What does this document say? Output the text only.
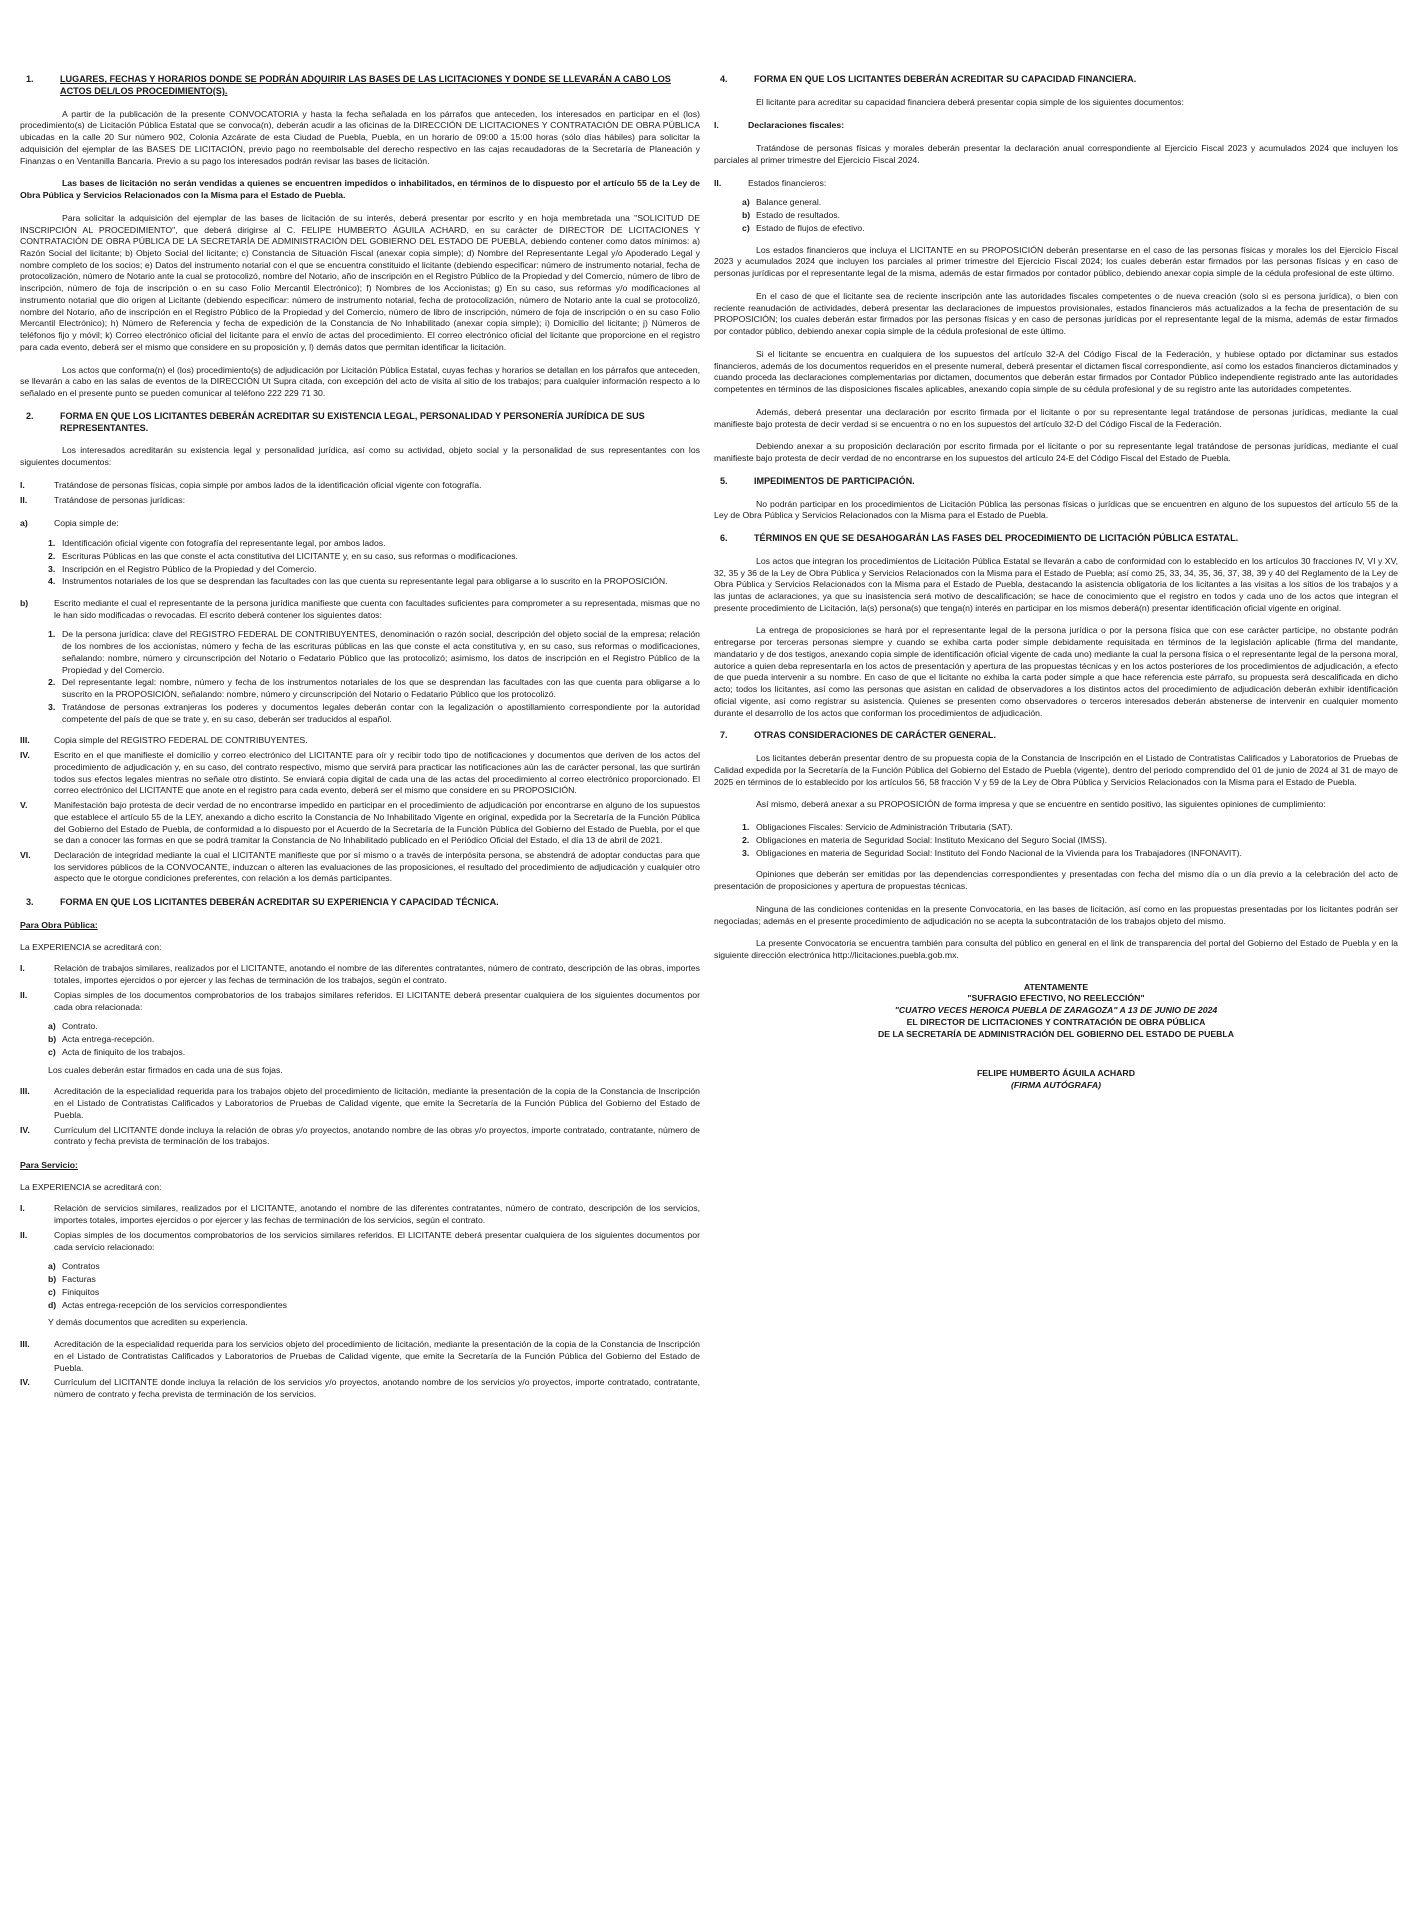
1.	LUGARES, FECHAS Y HORARIOS DONDE SE PODRÁN ADQUIRIR LAS BASES DE LAS LICITACIONES Y DONDE SE LLEVARÁN A CABO LOS ACTOS DEL/LOS PROCEDIMIENTO(S).

A partir de la publicación de la presente CONVOCATORIA y hasta la fecha señalada en los párrafos que anteceden, los interesados en participar en el (los) procedimiento(s) de Licitación Pública Estatal que se convoca(n), deberán acudir a las oficinas de la DIRECCIÓN DE LICITACIONES Y CONTRATACIÓN DE OBRA PÚBLICA ubicadas en la calle 20 Sur número 902, Colonia Azcárate de esta Ciudad de Puebla, Puebla, en un horario de 09:00 a 15:00 horas (sólo días hábiles) para solicitar la adquisición del ejemplar de las BASES DE LICITACIÓN, previo pago no reembolsable del derecho respectivo en las cajas recaudadoras de la Secretaría de Planeación y Finanzas o en Ventanilla Bancaria. Previo a su pago los interesados podrán revisar las bases de licitación.

Las bases de licitación no serán vendidas a quienes se encuentren impedidos o inhabilitados, en términos de lo dispuesto por el artículo 55 de la Ley de Obra Pública y Servicios Relacionados con la Misma para el Estado de Puebla.

Para solicitar la adquisición del ejemplar de las bases de licitación de su interés, deberá presentar por escrito y en hoja membretada una "SOLICITUD DE INSCRIPCIÓN AL PROCEDIMIENTO", que deberá dirigirse al C. FELIPE HUMBERTO ÁGUILA ACHARD, en su carácter de DIRECTOR DE LICITACIONES Y CONTRATACIÓN DE OBRA PÚBLICA DE LA SECRETARÍA DE ADMINISTRACIÓN DEL GOBIERNO DEL ESTADO DE PUEBLA, debiendo contener como datos mínimos: a) Razón Social del licitante; b) Objeto Social del licitante; c) Constancia de Situación Fiscal (anexar copia simple); d) Nombre del Representante Legal y/o Apoderado Legal y nombre completo de los socios; e) Datos del instrumento notarial con el que se encuentra constituido el licitante (debiendo especificar: número de instrumento notarial, fecha de protocolización, número de Notario ante la cual se protocolizó, nombre del Notario, año de inscripción en el Registro Público de la Propiedad y del Comercio, número de libro de inscripción, número de foja de inscripción o en su caso Folio Mercantil Electrónico); f) Nombres de los Accionistas; g) En su caso, sus reformas y/o modificaciones al instrumento notarial que dio origen al Licitante (debiendo especificar: número de instrumento notarial, fecha de protocolización, número de Notario ante la cual se protocolizó, nombre del Notario, año de inscripción en el Registro Público de la Propiedad y del Comercio, número de libro de inscripción, número de foja de inscripción o en su caso Folio Mercantil Electrónico); h) Número de Referencia y fecha de expedición de la Constancia de No Inhabilitado (anexar copia simple); i) Domicilio del licitante; j) Números de teléfonos fijo y móvil; k) Correo electrónico oficial del licitante para el envío de actas del procedimiento. El correo electrónico oficial del licitante que proporcione en el registro para cada evento, deberá ser el mismo que considere en su proposición y, l) demás datos que permitan identificar la licitación.

Los actos que conforma(n) el (los) procedimiento(s) de adjudicación por Licitación Pública Estatal, cuyas fechas y horarios se detallan en los párrafos que anteceden, se llevarán a cabo en las salas de eventos de la DIRECCIÓN Ut Supra citada, con excepción del acto de visita al sitio de los trabajos; para cualquier información respecto a lo señalado en el presente punto se pueden comunicar al teléfono 222 229 71 30.

2.	FORMA EN QUE LOS LICITANTES DEBERÁN ACREDITAR SU EXISTENCIA LEGAL, PERSONALIDAD Y PERSONERÍA JURÍDICA DE SUS REPRESENTANTES.

Los interesados acreditarán su existencia legal y personalidad jurídica, así como su actividad, objeto social y la personalidad de sus representantes con los siguientes documentos:

I.	Tratándose de personas físicas, copia simple por ambos lados de la identificación oficial vigente con fotografía.
II.	Tratándose de personas jurídicas:
a)	Copia simple de:
1. Identificación oficial vigente con fotografía del representante legal, por ambos lados.
2. Escrituras Públicas en las que conste el acta constitutiva del LICITANTE y, en su caso, sus reformas o modificaciones.
3. Inscripción en el Registro Público de la Propiedad y del Comercio.
4. Instrumentos notariales de los que se desprendan las facultades con las que cuenta su representante legal para obligarse a lo suscrito en la PROPOSICIÓN.
b)	Escrito mediante el cual el representante de la persona jurídica manifieste que cuenta con facultades suficientes para comprometer a su representada, mismas que no le han sido modificadas o revocadas. El escrito deberá contener los siguientes datos:
1. De la persona jurídica: clave del REGISTRO FEDERAL DE CONTRIBUYENTES, denominación o razón social, descripción del objeto social de la empresa; relación de los nombres de los accionistas, número y fecha de las escrituras públicas en las que conste el acta constitutiva y, en su caso, sus reformas o modificaciones, señalando: nombre, número y circunscripción del Notario o Fedatario Público que las protocolizó; asimismo, los datos de inscripción en el Registro Público de la Propiedad y del Comercio.
2. Del representante legal: nombre, número y fecha de los instrumentos notariales de los que se desprendan las facultades con las que cuenta para obligarse a lo suscrito en la PROPOSICIÓN, señalando: nombre, número y circunscripción del Notario o Fedatario Público que los protocolizó.
3. Tratándose de personas extranjeras los poderes y documentos legales deberán contar con la legalización o apostillamiento correspondiente por la autoridad competente del país de que se trate y, en su caso, deberán ser traducidos al español.
III.	Copia simple del REGISTRO FEDERAL DE CONTRIBUYENTES.
IV.	Escrito en el que manifieste el domicilio y correo electrónico del LICITANTE para oír y recibir todo tipo de notificaciones y documentos que deriven de los actos del procedimiento de adjudicación y, en su caso, del contrato respectivo, mismo que servirá para practicar las notificaciones aún las de carácter personal, las que surtirán todos sus efectos legales mientras no señale otro distinto. Se enviará copia digital de cada una de las actas del procedimiento al correo electrónico proporcionado. El correo electrónico del LICITANTE que anote en el registro para cada evento, deberá ser el mismo que considere en su PROPOSICIÓN.
V.	Manifestación bajo protesta de decir verdad de no encontrarse impedido en participar en el procedimiento de adjudicación por encontrarse en alguno de los supuestos que establece el artículo 55 de la LEY, anexando a dicho escrito la Constancia de No Inhabilitado Vigente en original, expedida por la Secretaría de la Función Pública del Gobierno del Estado de Puebla, de conformidad a lo dispuesto por el Acuerdo de la Secretaría de la Función Pública del Gobierno del Estado de Puebla, por el que se dan a conocer las formas en que se podrá tramitar la Constancia de No Inhabilitado publicado en el Periódico Oficial del Estado, el día 13 de abril de 2021.
VI.	Declaración de integridad mediante la cual el LICITANTE manifieste que por sí mismo o a través de interpósita persona, se abstendrá de adoptar conductas para que los servidores públicos de la CONVOCANTE, induzcan o alteren las evaluaciones de las proposiciones, el resultado del procedimiento de adjudicación y cualquier otro aspecto que le otorgue condiciones preferentes, con relación a los demás participantes.
3.	FORMA EN QUE LOS LICITANTES DEBERÁN ACREDITAR SU EXPERIENCIA Y CAPACIDAD TÉCNICA.

Para Obra Pública:

La EXPERIENCIA se acreditará con:

I.	Relación de trabajos similares, realizados por el LICITANTE, anotando el nombre de las diferentes contratantes, número de contrato, descripción de las obras, importes totales, importes ejercidos o por ejercer y las fechas de terminación de los trabajos, según el contrato.
II.	Copias simples de los documentos comprobatorios de los trabajos similares referidos. El LICITANTE deberá presentar cualquiera de los siguientes documentos por cada obra relacionada:
a) Contrato.
b) Acta entrega-recepción.
c) Acta de finiquito de los trabajos.

Los cuales deberán estar firmados en cada una de sus fojas.

III.	Acreditación de la especialidad requerida para los trabajos objeto del procedimiento de licitación, mediante la presentación de la copia de la Constancia de Inscripción en el Listado de Contratistas Calificados y Laboratorios de Pruebas de Calidad vigente, que emite la Secretaría de la Función Pública del Gobierno del Estado de Puebla.
IV.	Currículum del LICITANTE donde incluya la relación de obras y/o proyectos, anotando nombre de las obras y/o proyectos, importe contratado, contratante, número de contrato y fecha prevista de terminación de los trabajos.

Para Servicio:

La EXPERIENCIA se acreditará con:

I.	Relación de servicios similares, realizados por el LICITANTE, anotando el nombre de las diferentes contratantes, número de contrato, descripción de los servicios, importes totales, importes ejercidos o por ejercer y las fechas de terminación de los servicios, según el contrato.
II.	Copias simples de los documentos comprobatorios de los servicios similares referidos. El LICITANTE deberá presentar cualquiera de los siguientes documentos por cada servicio relacionado:
a) Contratos
b) Facturas
c) Finiquitos
d) Actas entrega-recepción de los servicios correspondientes

Y demás documentos que acrediten su experiencia.

III.	Acreditación de la especialidad requerida para los servicios objeto del procedimiento de licitación, mediante la presentación de la copia de la Constancia de Inscripción en el Listado de Contratistas Calificados y Laboratorios de Pruebas de Calidad vigente, que emite la Secretaría de la Función Pública del Gobierno del Estado de Puebla.
IV.	Currículum del LICITANTE donde incluya la relación de los servicios y/o proyectos, anotando nombre de los servicios y/o proyectos, importe contratado, contratante, número de contrato y fecha prevista de terminación de los servicios.
4.	FORMA EN QUE LOS LICITANTES DEBERÁN ACREDITAR SU CAPACIDAD FINANCIERA.

El licitante para acreditar su capacidad financiera deberá presentar copia simple de los siguientes documentos:

I.	Declaraciones fiscales:

Tratándose de personas físicas y morales deberán presentar la declaración anual correspondiente al Ejercicio Fiscal 2023 y acumulados 2024 que incluyen los parciales al primer trimestre del Ejercicio Fiscal 2024.

II.	Estados financieros:
a) Balance general.
b) Estado de resultados.
c) Estado de flujos de efectivo.

Los estados financieros que incluya el LICITANTE en su PROPOSICIÓN deberán presentarse en el caso de las personas físicas y morales los del Ejercicio Fiscal 2023 y acumulados 2024 que incluyen los parciales al primer trimestre del Ejercicio Fiscal 2024; los cuales deberán estar firmados por las personas físicas y en caso de personas jurídicas por el representante legal de la misma, además de estar firmados por contador público, debiendo anexar copia simple de la cédula profesional de este último.

En el caso de que el licitante sea de reciente inscripción ante las autoridades fiscales competentes o de nueva creación (solo si es persona jurídica), o bien con reciente reanudación de actividades, deberá presentar las declaraciones de impuestos provisionales, estados financieros más actualizados a la fecha de presentación de su PROPOSICIÓN; los cuales deberán estar firmados por las personas físicas y en caso de personas jurídicas por el representante legal de la misma, además de estar firmados por contador público, debiendo anexar copia simple de la cédula profesional de este último.

Si el licitante se encuentra en cualquiera de los supuestos del artículo 32-A del Código Fiscal de la Federación, y hubiese optado por dictaminar sus estados financieros, además de los documentos requeridos en el presente numeral, deberá presentar el dictamen fiscal correspondiente, así como los estados financieros dictaminados y cuando proceda las declaraciones complementarias por dictamen, documentos que deberán estar firmados por Contador Público independiente registrado ante las autoridades competentes en términos de las disposiciones fiscales aplicables, anexando copia simple de su cédula profesional y de su registro ante las autoridades competentes.

Además, deberá presentar una declaración por escrito firmada por el licitante o por su representante legal tratándose de personas jurídicas, mediante la cual manifieste bajo protesta de decir verdad si se encuentra o no en los supuestos del artículo 32-D del Código Fiscal de la Federación.

Debiendo anexar a su proposición declaración por escrito firmada por el licitante o por su representante legal tratándose de personas jurídicas, mediante el cual manifieste bajo protesta de decir verdad de no encontrarse en los supuestos del artículo 24-E del Código Fiscal del Estado de Puebla.

5.	IMPEDIMENTOS DE PARTICIPACIÓN.

No podrán participar en los procedimientos de Licitación Pública las personas físicas o jurídicas que se encuentren en alguno de los supuestos del artículo 55 de la Ley de Obra Pública y Servicios Relacionados con la Misma para el Estado de Puebla.

6.	TÉRMINOS EN QUE SE DESAHOGARÁN LAS FASES DEL PROCEDIMIENTO DE LICITACIÓN PÚBLICA ESTATAL.

Los actos que integran los procedimientos de Licitación Pública Estatal se llevarán a cabo de conformidad con lo establecido en los artículos 30 fracciones IV, VI y XV, 32, 35 y 36 de la Ley de Obra Pública y Servicios Relacionados con la Misma para el Estado de Puebla; así como 25, 33, 34, 35, 36, 37, 38, 39 y 40 del Reglamento de la Ley de Obra Pública y Servicios Relacionados con la Misma para el Estado de Puebla, destacando la asistencia obligatoria de los licitantes a las visitas a los sitios de los trabajos y a las juntas de aclaraciones, ya que su inasistencia será motivo de descalificación; se hace de conocimiento que el registro en todos y cada uno de los actos que integran el presente procedimiento de Licitación, la(s) persona(s) que tenga(n) interés en participar en los mismos deberá(n) presentar identificación oficial vigente en original.

La entrega de proposiciones se hará por el representante legal de la persona jurídica o por la persona física que con ese carácter participe, no obstante podrán entregarse por terceras personas siempre y cuando se exhiba carta poder simple debidamente requisitada en términos de la legislación aplicable (firma del mandante, mandatario y de dos testigos, anexando copia simple de identificación oficial vigente de cada uno) mediante la cual la persona física o el representante legal de la persona moral, autorice a quien deba representarla en los actos de presentación y apertura de las propuestas técnicas y en los actos posteriores de los procedimientos de adjudicación, a efecto de que pueda intervenir a su nombre. En caso de que el licitante no exhiba la carta poder simple a que hace referencia este párrafo, su propuesta será descalificada en dicho acto; todos los licitantes, así como las personas que asistan en calidad de observadores a los distintos actos del procedimiento de adjudicación deberán exhibir identificación oficial vigente, así como registrar su asistencia. Quienes se presenten como observadores o terceros interesados deberán abstenerse de intervenir en cualquier momento durante el desarrollo de los actos que conforman los procedimientos de adjudicación.

7.	OTRAS CONSIDERACIONES DE CARÁCTER GENERAL.

Los licitantes deberán presentar dentro de su propuesta copia de la Constancia de Inscripción en el Listado de Contratistas Calificados y Laboratorios de Pruebas de Calidad expedida por la Secretaría de la Función Pública del Gobierno del Estado de Puebla (vigente), dentro del periodo comprendido del 01 de junio de 2024 al 31 de mayo de 2025 en términos de lo establecido por los artículos 56, 58 fracción V y 59 de la Ley de Obra Pública y Servicios Relacionados con la Misma para el Estado de Puebla.

Así mismo, deberá anexar a su PROPOSICIÓN de forma impresa y que se encuentre en sentido positivo, las siguientes opiniones de cumplimiento:

1. Obligaciones Fiscales: Servicio de Administración Tributaria (SAT).
2. Obligaciones en materia de Seguridad Social: Instituto Mexicano del Seguro Social (IMSS).
3. Obligaciones en materia de Seguridad Social: Instituto del Fondo Nacional de la Vivienda para los Trabajadores (INFONAVIT).

Opiniones que deberán ser emitidas por las dependencias correspondientes y presentadas con fecha del mismo día o un día previo a la celebración del acto de presentación de proposiciones y apertura de propuestas técnicas.

Ninguna de las condiciones contenidas en la presente Convocatoria, en las bases de licitación, así como en las propuestas presentadas por los licitantes podrán ser negociadas; además en el presente procedimiento de adjudicación no se acepta la subcontratación de los trabajos objeto del mismo.

La presente Convocatoria se encuentra también para consulta del público en general en el link de transparencia del portal del Gobierno del Estado de Puebla y en la siguiente dirección electrónica http://licitaciones.puebla.gob.mx.

ATENTAMENTE

"SUFRAGIO EFECTIVO, NO REELECCIÓN"

"CUATRO VECES HEROICA PUEBLA DE ZARAGOZA" A 13 DE JUNIO DE 2024

EL DIRECTOR DE LICITACIONES Y CONTRATACIÓN DE OBRA PÚBLICA

DE LA SECRETARÍA DE ADMINISTRACIÓN DEL GOBIERNO DEL ESTADO DE PUEBLA

FELIPE HUMBERTO ÁGUILA ACHARD

(FIRMA AUTÓGRAFA)
